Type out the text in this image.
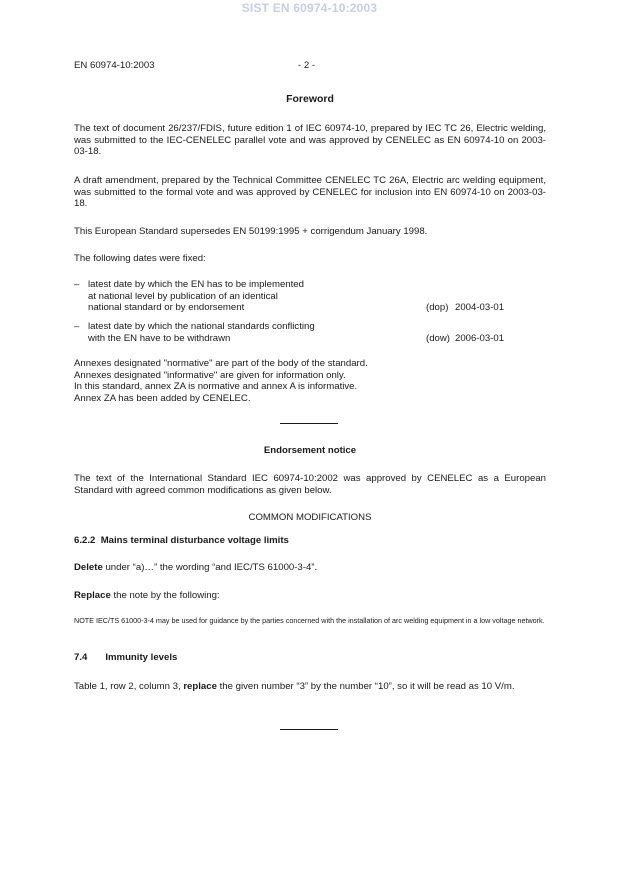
SIST EN 60974-10:2003
EN 60974-10:2003	- 2 -
Foreword
The text of document 26/237/FDIS, future edition 1 of IEC 60974-10, prepared by IEC TC 26, Electric welding, was submitted to the IEC-CENELEC parallel vote and was approved by CENELEC as EN 60974-10 on 2003-03-18.
A draft amendment, prepared by the Technical Committee CENELEC TC 26A, Electric arc welding equipment, was submitted to the formal vote and was approved by CENELEC for inclusion into EN 60974-10 on 2003-03-18.
This European Standard supersedes EN 50199:1995 + corrigendum January 1998.
The following dates were fixed:
– latest date by which the EN has to be implemented
at national level by publication of an identical
national standard or by endorsement	(dop) 2004-03-01
– latest date by which the national standards conflicting
with the EN have to be withdrawn	(dow) 2006-03-01
Annexes designated "normative" are part of the body of the standard.
Annexes designated "informative" are given for information only.
In this standard, annex ZA is normative and annex A is informative.
Annex ZA has been added by CENELEC.
Endorsement notice
The text of the International Standard IEC 60974-10:2002 was approved by CENELEC as a European Standard with agreed common modifications as given below.
COMMON MODIFICATIONS
6.2.2 Mains terminal disturbance voltage limits
Delete under “a)…” the wording “and IEC/TS 61000-3-4”.
Replace the note by the following:
NOTE IEC/TS 61000-3-4 may be used for guidance by the parties concerned with the installation of arc welding equipment in a low voltage network.
7.4 Immunity levels
Table 1, row 2, column 3, replace the given number “3” by the number “10”, so it will be read as 10 V/m.
